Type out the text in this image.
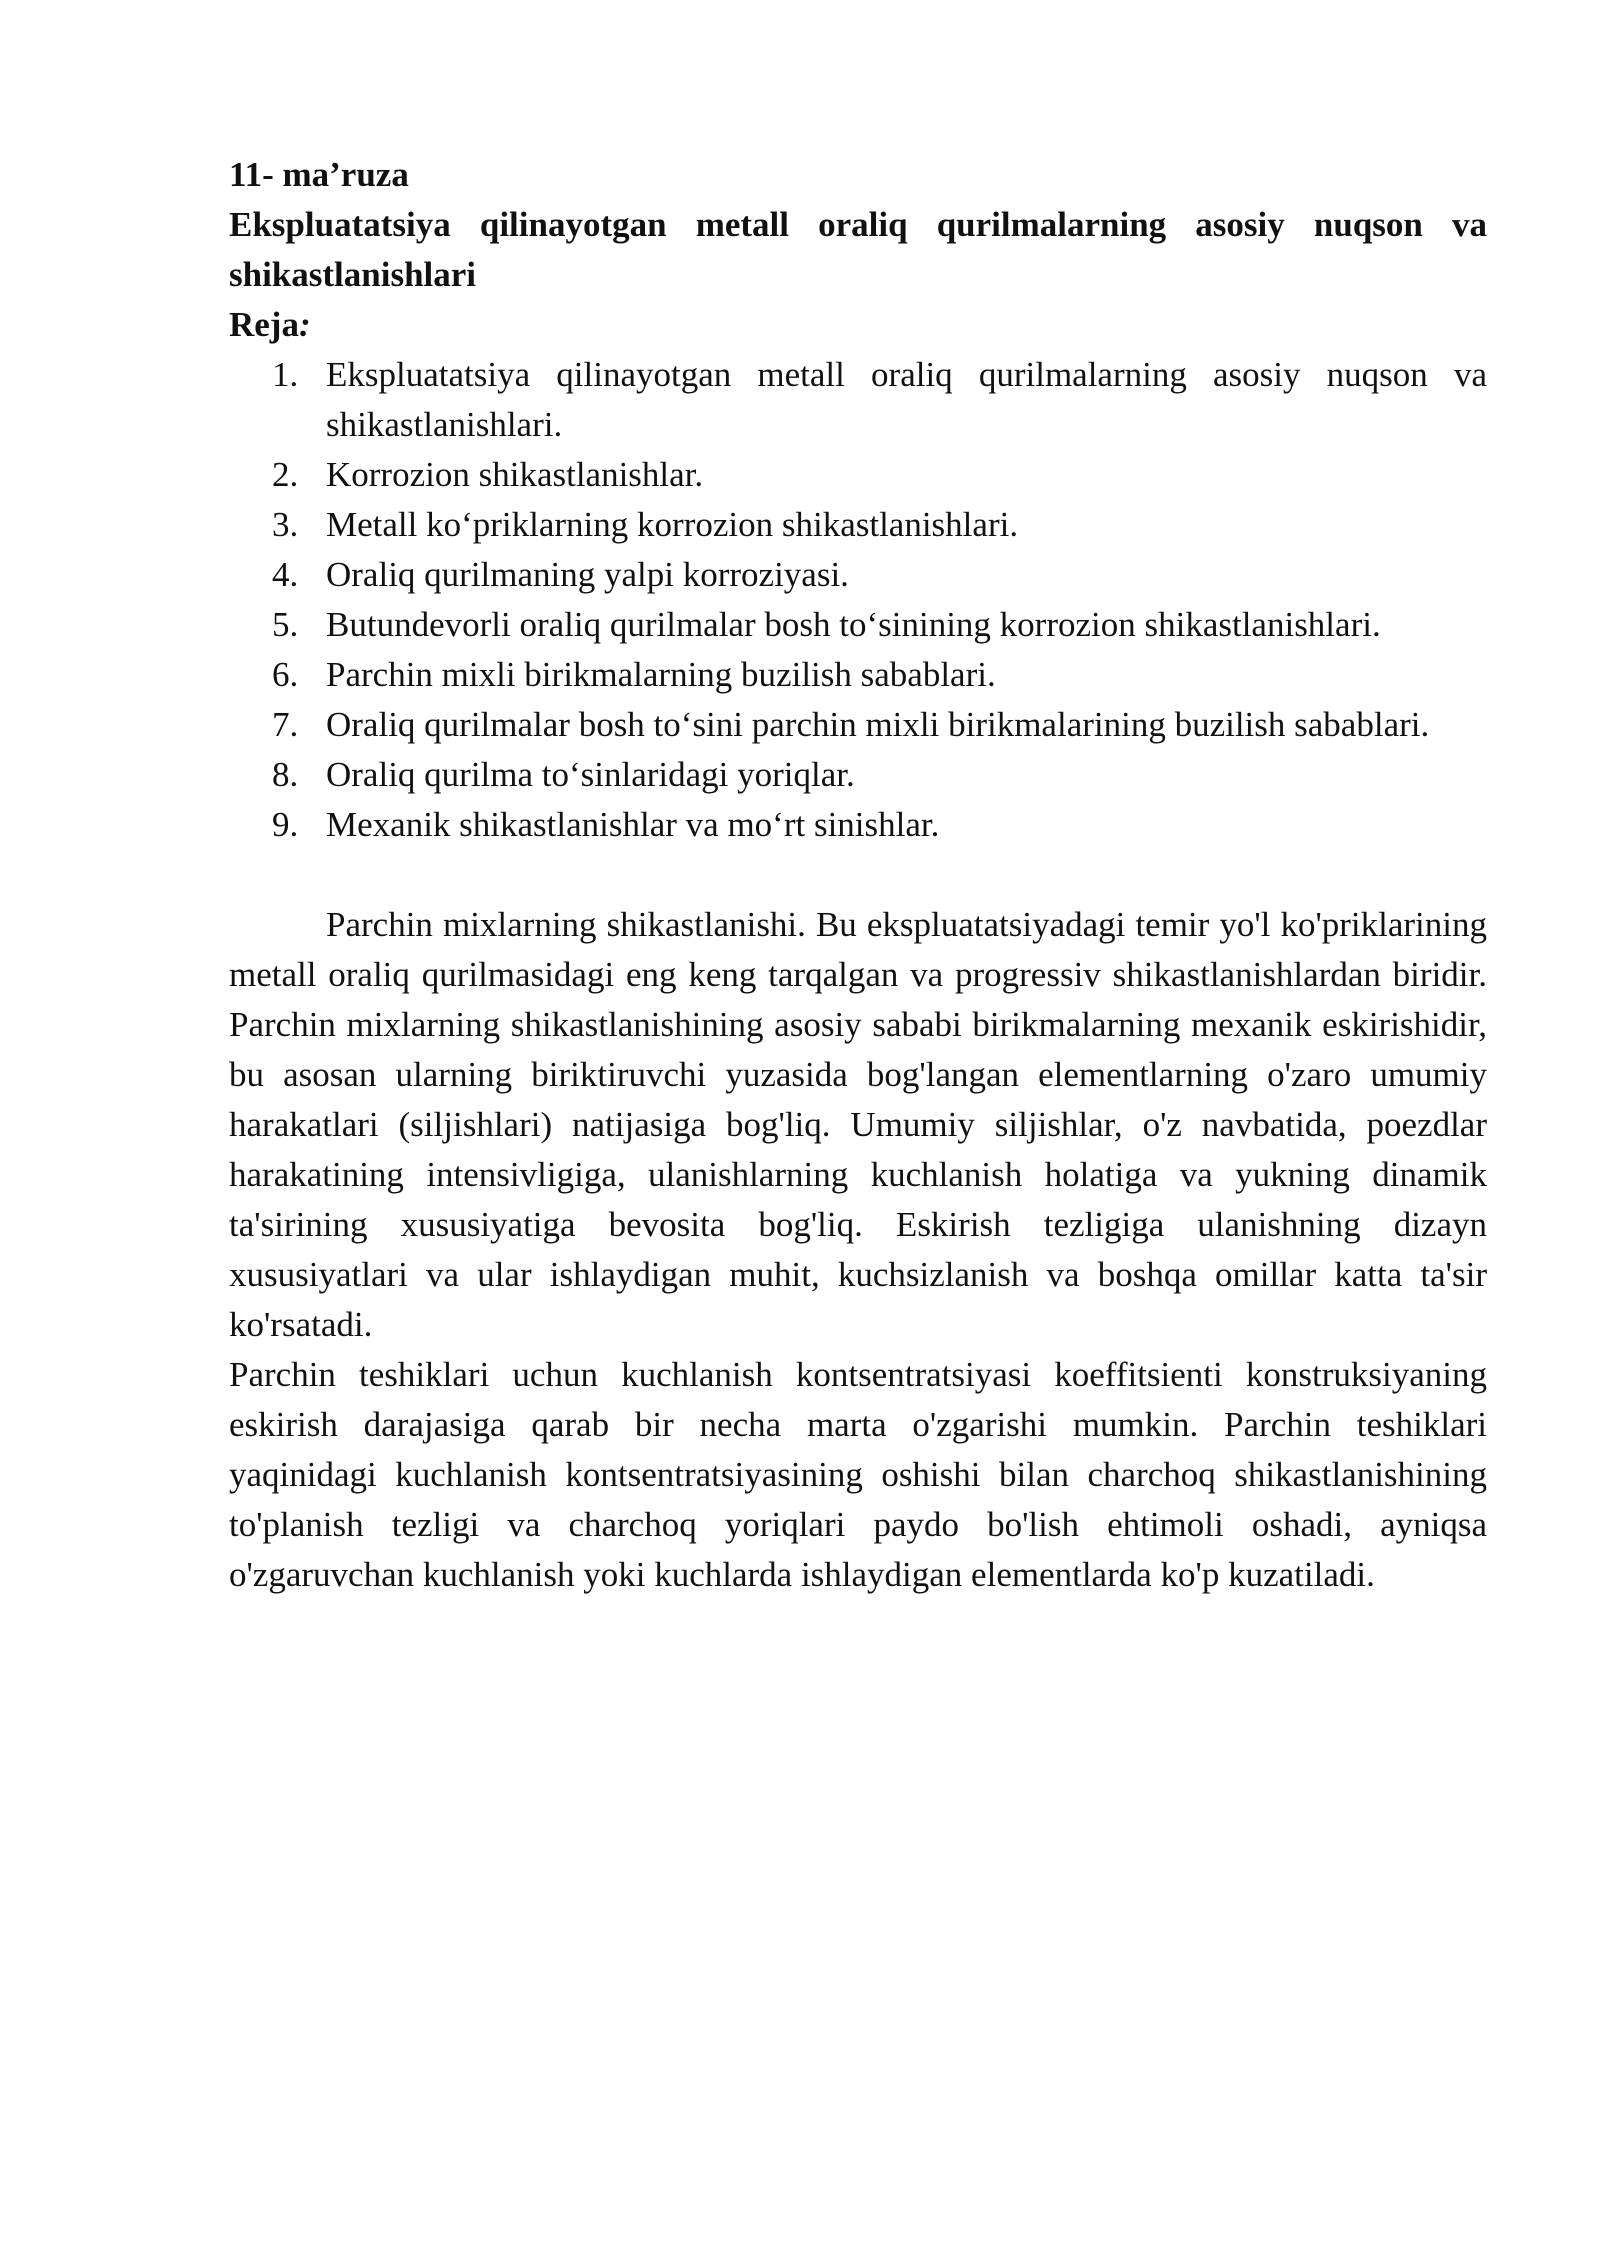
11- ma’ruza
Ekspluatatsiya qilinayotgan metall oraliq qurilmalarning asosiy nuqson va shikastlanishlari
Reja:
1. Ekspluatatsiya qilinayotgan metall oraliq qurilmalarning asosiy nuqson va shikastlanishlari.
2. Korrozion shikastlanishlar.
3. Metall ko‘priklarning korrozion shikastlanishlari.
4. Oraliq qurilmaning yalpi korroziyasi.
5. Butundevorli oraliq qurilmalar bosh to‘sinining korrozion shikastlanishlari.
6. Parchin mixli birikmalarning buzilish sabablari.
7. Oraliq qurilmalar bosh to‘sini parchin mixli birikmalarining buzilish sabablari.
8. Oraliq qurilma to‘sinlaridagi yoriqlar.
9. Mexanik shikastlanishlar va mo‘rt sinishlar.

Parchin mixlarning shikastlanishi. Bu ekspluatatsiyadagi temir yo'l ko'priklarining metall oraliq qurilmasidagi eng keng tarqalgan va progressiv shikastlanishlardan biridir. Parchin mixlarning shikastlanishining asosiy sababi birikmalarning mexanik eskirishidir, bu asosan ularning biriktiruvchi yuzasida bog'langan elementlarning o'zaro umumiy harakatlari (siljishlari) natijasiga bog'liq. Umumiy siljishlar, o'z navbatida, poezdlar harakatining intensivligiga, ulanishlarning kuchlanish holatiga va yukning dinamik ta'sirining xususiyatiga bevosita bog'liq. Eskirish tezligiga ulanishning dizayn xususiyatlari va ular ishlaydigan muhit, kuchsizlanish va boshqa omillar katta ta'sir ko'rsatadi.

Parchin teshiklari uchun kuchlanish kontsentratsiyasi koeffitsienti konstruksiyaning eskirish darajasiga qarab bir necha marta o'zgarishi mumkin. Parchin teshiklari yaqinidagi kuchlanish kontsentratsiyasining oshishi bilan charchoq shikastlanishining to'planish tezligi va charchoq yoriqlari paydo bo'lish ehtimoli oshadi, ayniqsa o'zgaruvchan kuchlanish yoki kuchlarda ishlaydigan elementlarda ko'p kuzatiladi.
